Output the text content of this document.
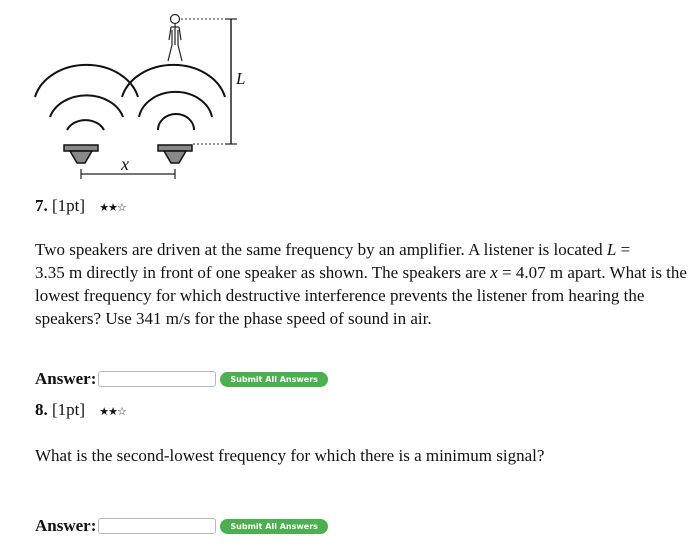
L
x
7. [1pt] ★★☆
Two speakers are driven at the same frequency by an amplifier. A listener is located L =
3.35 m directly in front of one speaker as shown. The speakers are x = 4.07 m apart. What is the lowest frequency for which destructive interference prevents the listener from hearing the speakers? Use 341 m/s for the phase speed of sound in air.
Answer:	Submit All Answers
8. [1pt] ★★☆
What is the second-lowest frequency for which there is a minimum signal?
Answer:	Submit All Answers
